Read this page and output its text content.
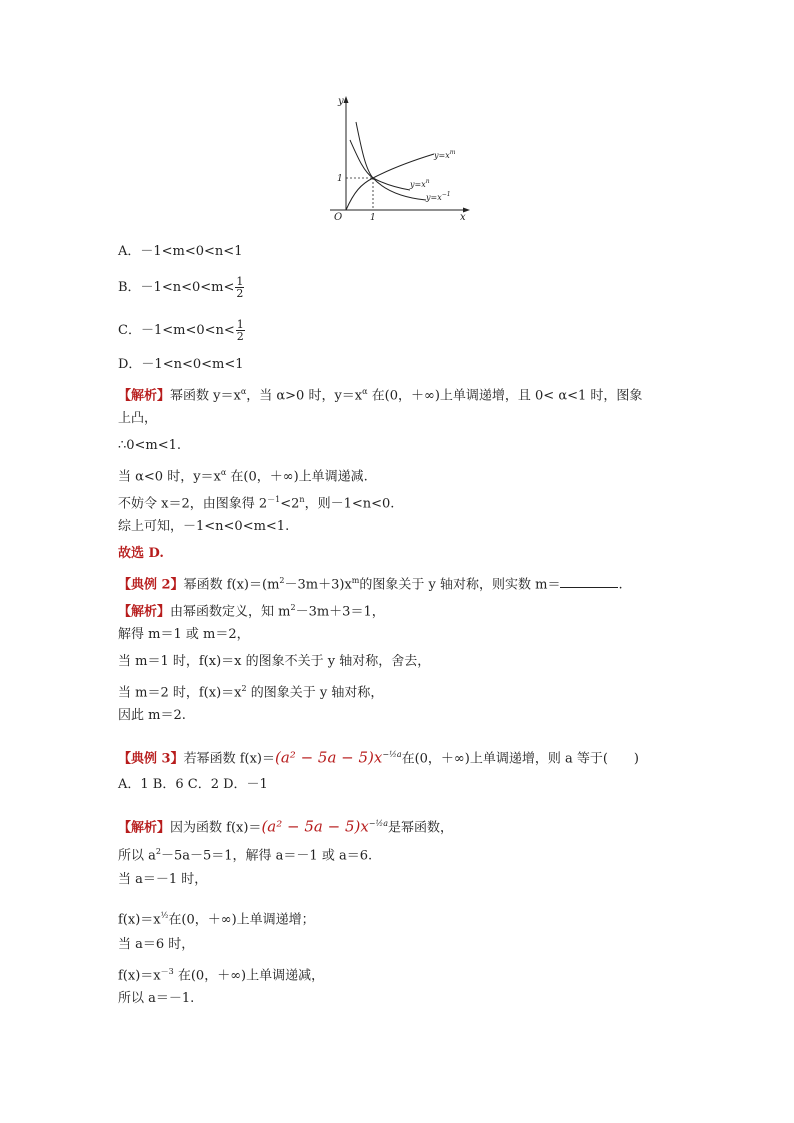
y
x
O	1
1
$y=x^m$
$y=x^n$
$y=x^{-1}$
A．－1<m<0<n<1
B．$-1<n<0<m< \frac{1}{2}$
C．$-1<m<0<n< \frac{1}{2}$
D．－1<n<0<m<1
【解析】幂函数 $y=x^\alpha$，当 α>0 时，$y=x^\alpha$ 在(0，＋∞)上单调递增，且 0< α<1 时，图象
上凸，
∴0<m<1.
当 α<0 时，$y=x^\alpha$ 在(0，＋∞)上单调递减.
不妨令 x＝2，由图象得 $2^{-1}<2^n$，则－1<n<0.
综上可知，－1<n<0<m<1.
故选 D.
【典例 2】幂函数 $f(x)=(m^2-3m+3)x^m$的图象关于 y 轴对称，则实数 m＝	.
【解析】由幂函数定义，知 $m^2-3m+3=1$，
解得 m＝1 或 m＝2，
当 m＝1 时，f(x)＝x 的图象不关于 y 轴对称，舍去，
当 m＝2 时，$f(x)=x^2$ 的图象关于 y 轴对称，
因此 m＝2.
【典例 3】若幂函数 $f(x)=(a^2 - 5a - 5)x^{-\frac{1}{2}a}$在(0，＋∞)上单调递增，则 a 等于(　　)
A．1 B．6 C．2 D．－1
【解析】因为函数 $f(x)=(a^2 - 5a - 5)x^{-\frac{1}{2}a}$是幂函数，
所以 $a^2-5a-5=1$，解得 a＝－1 或 a＝6.
当 a＝－1 时，
$f(x)=x^{\frac{1}{2}}$在(0，＋∞)上单调递增；
当 a＝6 时，
$f(x)=x^{-3}$ 在(0，＋∞)上单调递减，
所以 a＝－1.
